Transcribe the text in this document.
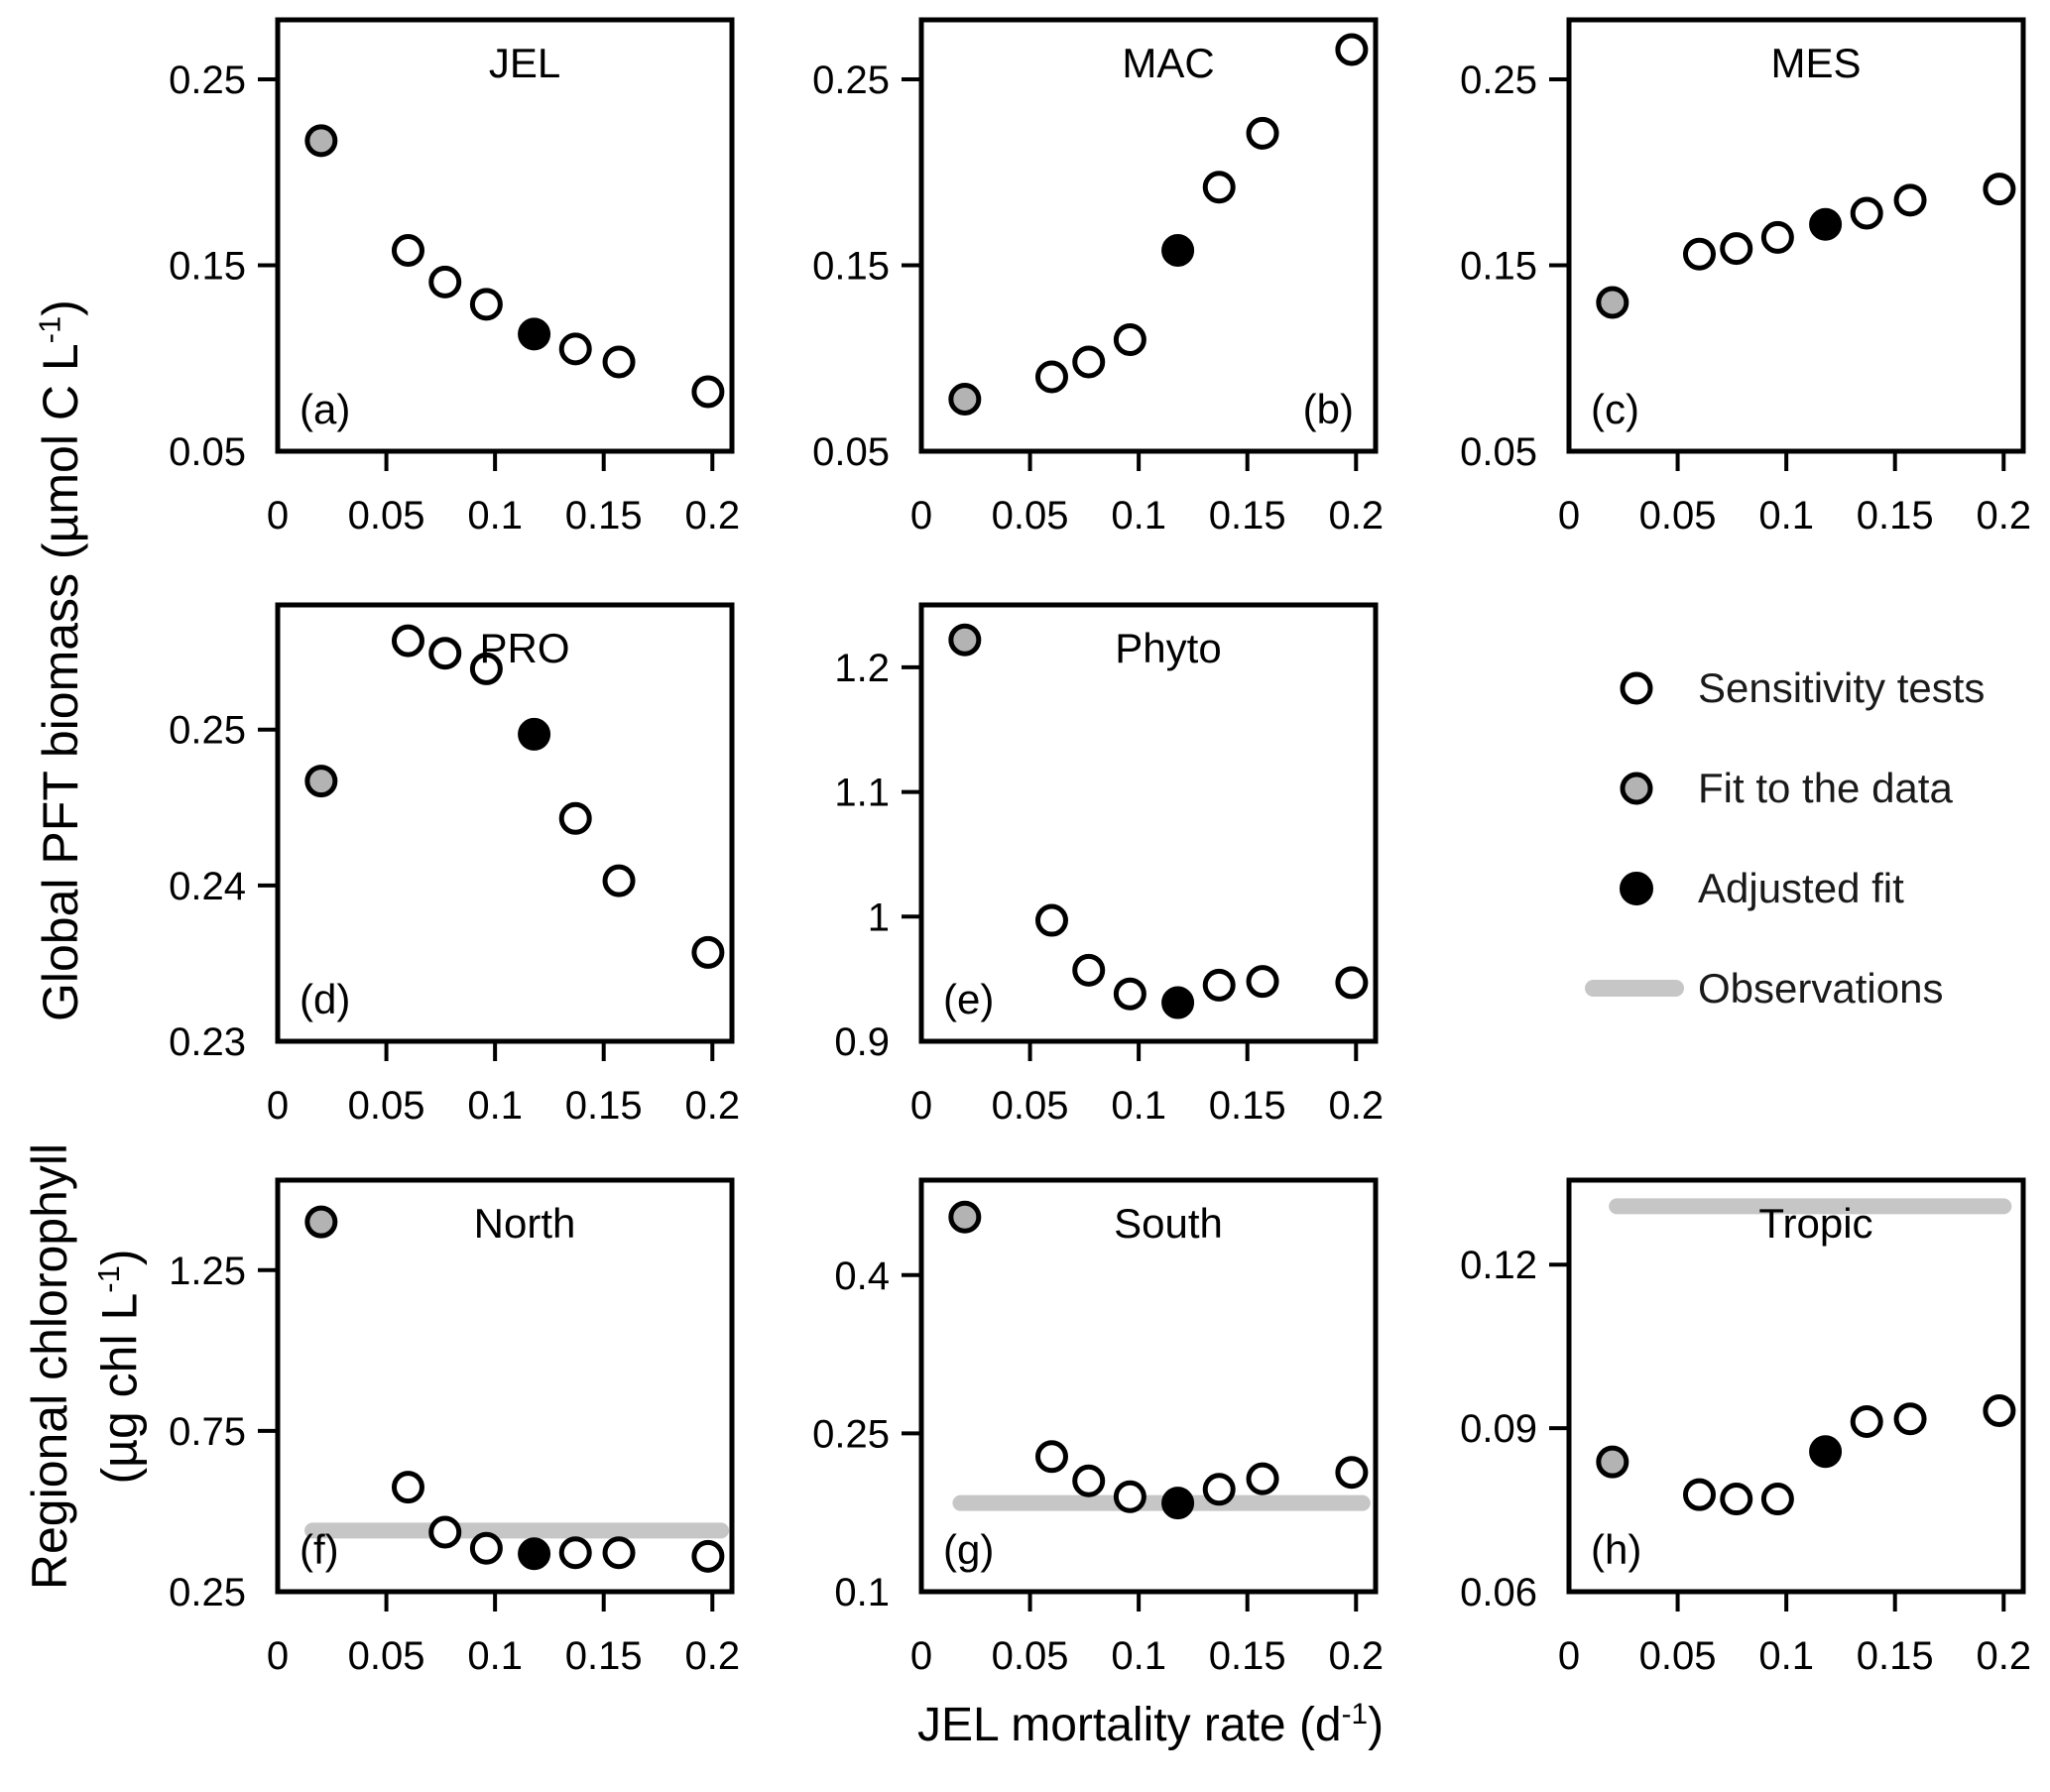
Global PFT biomass (µmol C $L^{-1}$)
Regional chlorophyll (µg chl $L^{-1}$)
JEL mortality rate $(d^{-1})$
0 0.05 0.1 0.15 0.2
0.05
0.15
0.25	JEL
(a)
0 0.05 0.1 0.15 0.2
0.05
0.15
0.25	MAC
(b)
0 0.05 0.1 0.15 0.2
0.05
0.15
0.25	MES
(c)
0 0.05 0.1 0.15 0.2
0.23
0.24
0.25
PRO
(d)
0 0.05 0.1 0.15 0.2
0.9
1
1.1
1.2	Phyto
(e)
0 0.05 0.1 0.15 0.2
0.25
0.75
1.25
North
(f)
0 0.05 0.1 0.15 0.2
0.1
0.25
0.4
South
(g)
0 0.05 0.1 0.15 0.2
0.06
0.09
0.12
Tropic
(h)
Sensitivity tests
Fit to the data
Adjusted fit
Observations
